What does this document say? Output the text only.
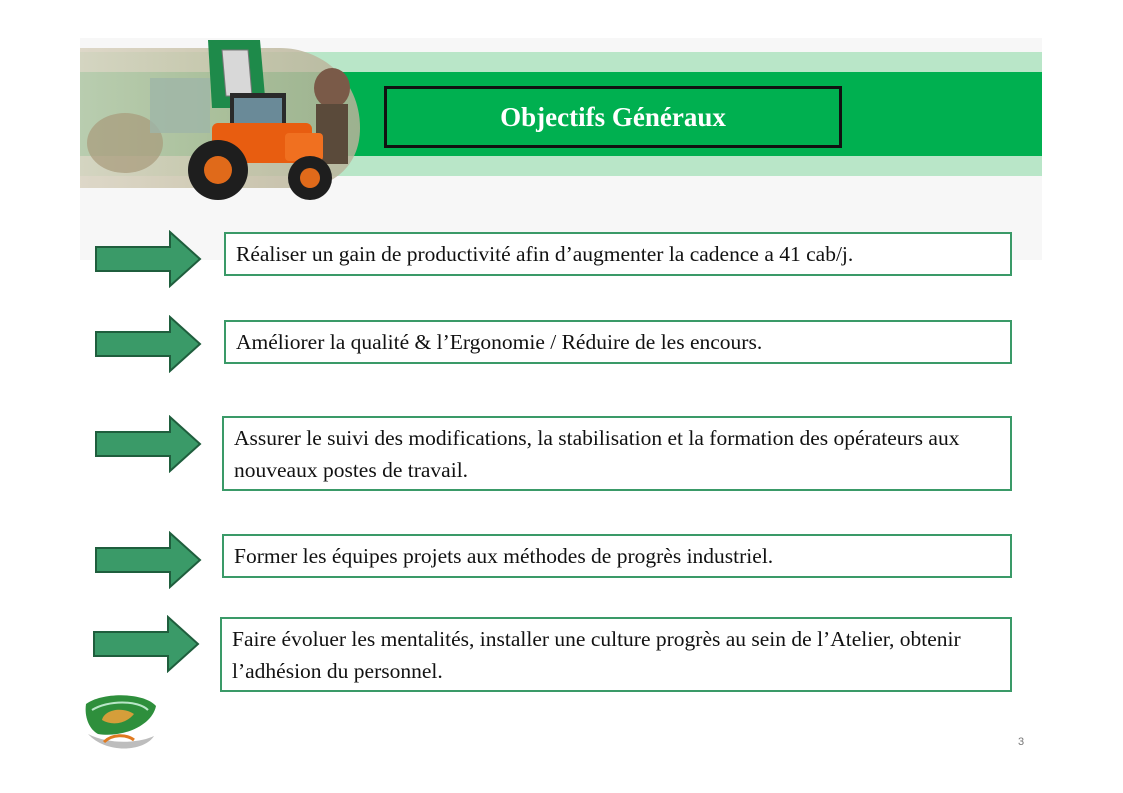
Objectifs Généraux
Réaliser un gain de productivité afin d’augmenter la cadence a 41 cab/j.
Améliorer la qualité & l’Ergonomie / Réduire de les encours.
Assurer le suivi des modifications, la stabilisation et la formation des opérateurs aux nouveaux postes de travail.
Former les équipes projets aux méthodes de progrès industriel.
Faire évoluer les mentalités, installer une culture progrès au sein de l’Atelier, obtenir l’adhésion du personnel.
3
